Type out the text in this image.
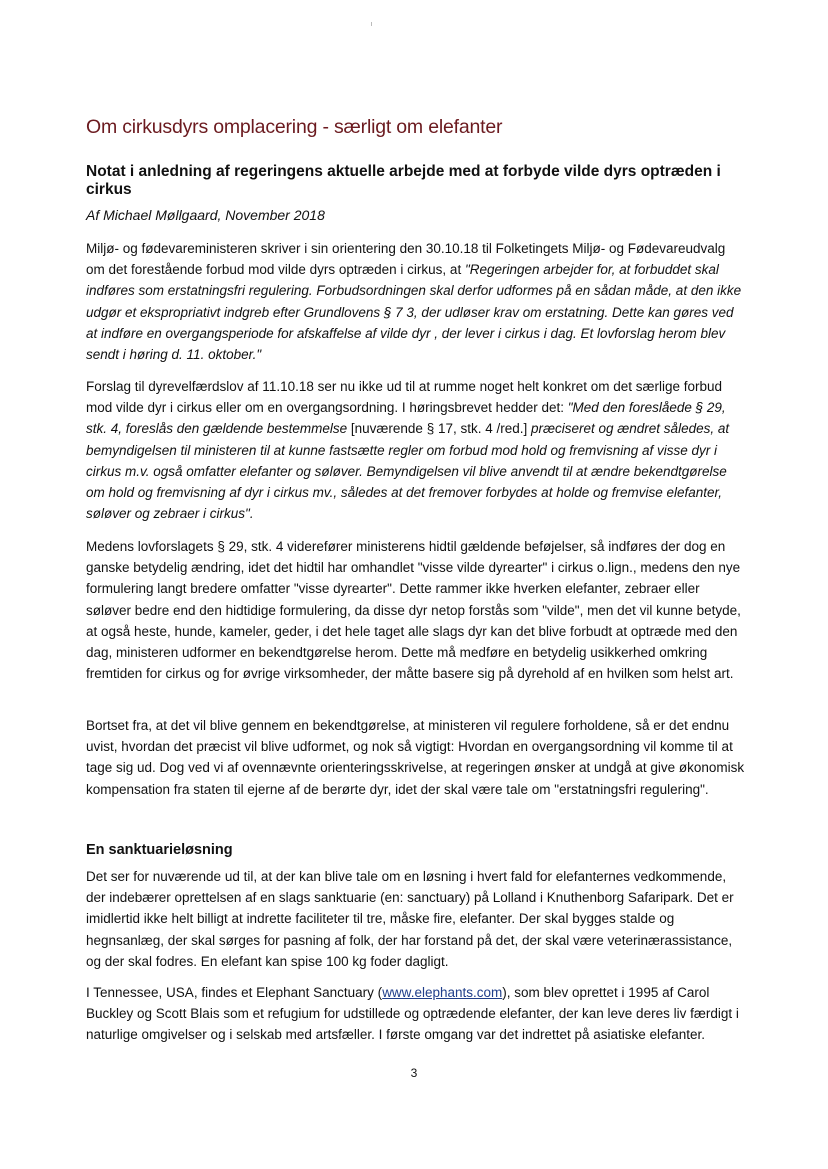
Om cirkusdyrs omplacering - særligt om elefanter
Notat i anledning af regeringens aktuelle arbejde med at forbyde vilde dyrs optræden i cirkus

Af Michael Møllgaard, November 2018

Miljø- og fødevareministeren skriver i sin orientering den 30.10.18 til Folketingets Miljø- og Fødevareudvalg om det forestående forbud mod vilde dyrs optræden i cirkus, at "Regeringen arbejder for, at forbuddet skal indføres som erstatningsfri regulering. Forbudsordningen skal derfor udformes på en sådan måde, at den ikke udgør et ekspropriativt indgreb efter Grundlovens § 7 3, der udløser krav om erstatning. Dette kan gøres ved at indføre en overgangsperiode for afskaffelse af vilde dyr , der lever i cirkus i dag. Et lovforslag herom blev sendt i høring d. 11. oktober."

Forslag til dyrevelfærdslov af 11.10.18 ser nu ikke ud til at rumme noget helt konkret om det særlige forbud mod vilde dyr i cirkus eller om en overgangsordning. I høringsbrevet hedder det: "Med den foreslåede § 29, stk. 4, foreslås den gældende bestemmelse [nuværende § 17, stk. 4 /red.] præciseret og ændret således, at bemyndigelsen til ministeren til at kunne fastsætte regler om forbud mod hold og fremvisning af visse dyr i cirkus m.v. også omfatter elefanter og søløver. Bemyndigelsen vil blive anvendt til at ændre bekendtgørelse om hold og fremvisning af dyr i cirkus mv., således at det fremover forbydes at holde og fremvise elefanter, søløver og zebraer i cirkus".

Medens lovforslagets § 29, stk. 4 viderefører ministerens hidtil gældende beføjelser, så indføres der dog en ganske betydelig ændring, idet det hidtil har omhandlet "visse vilde dyrearter" i cirkus o.lign., medens den nye formulering langt bredere omfatter "visse dyrearter". Dette rammer ikke hverken elefanter, zebraer eller søløver bedre end den hidtidige formulering, da disse dyr netop forstås som "vilde", men det vil kunne betyde, at også heste, hunde, kameler, geder, i det hele taget alle slags dyr kan det blive forbudt at optræde med den dag, ministeren udformer en bekendtgørelse herom. Dette må medføre en betydelig usikkerhed omkring fremtiden for cirkus og for øvrige virksomheder, der måtte basere sig på dyrehold af en hvilken som helst art.

Bortset fra, at det vil blive gennem en bekendtgørelse, at ministeren vil regulere forholdene, så er det endnu uvist, hvordan det præcist vil blive udformet, og nok så vigtigt: Hvordan en overgangsordning vil komme til at tage sig ud. Dog ved vi af ovennævnte orienteringsskrivelse, at regeringen ønsker at undgå at give økonomisk kompensation fra staten til ejerne af de berørte dyr, idet der skal være tale om "erstatningsfri regulering".

En sanktuarieløsning

Det ser for nuværende ud til, at der kan blive tale om en løsning i hvert fald for elefanternes vedkommende, der indebærer oprettelsen af en slags sanktuarie (en: sanctuary) på Lolland i Knuthenborg Safaripark. Det er imidlertid ikke helt billigt at indrette faciliteter til tre, måske fire, elefanter. Der skal bygges stalde og hegnsanlæg, der skal sørges for pasning af folk, der har forstand på det, der skal være veterinærassistance, og der skal fodres. En elefant kan spise 100 kg foder dagligt.

I Tennessee, USA, findes et Elephant Sanctuary (www.elephants.com), som blev oprettet i 1995 af Carol Buckley og Scott Blais som et refugium for udstillede og optrædende elefanter, der kan leve deres liv færdigt i naturlige omgivelser og i selskab med artsfæller. I første omgang var det indrettet på asiatiske elefanter.

3
